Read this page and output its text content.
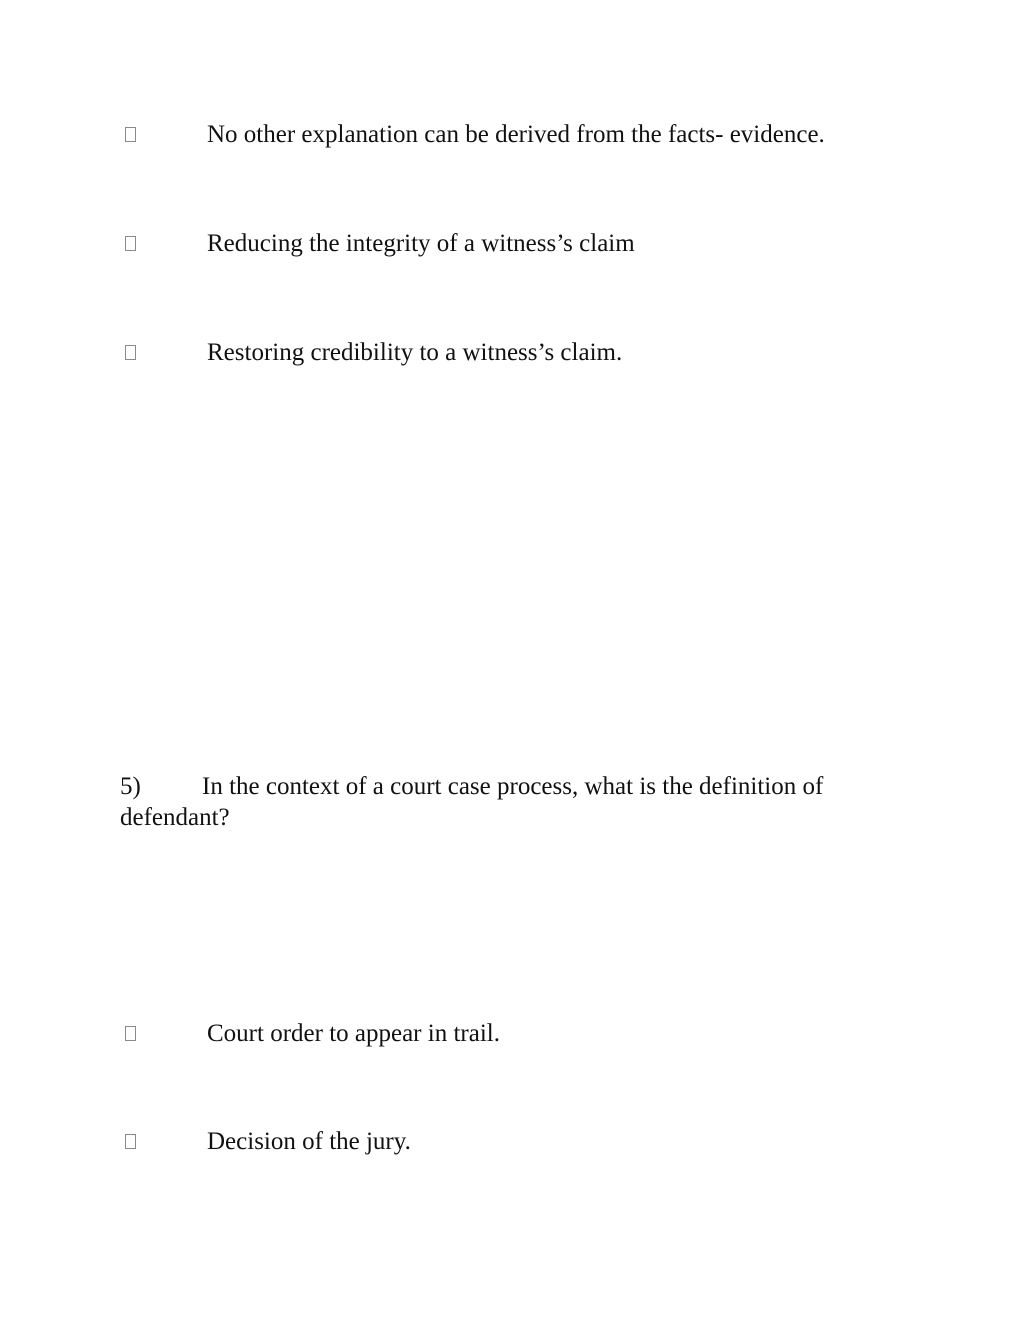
No other explanation can be derived from the facts- evidence.
Reducing the integrity of a witness’s claim
Restoring credibility to a witness’s claim.
5) In the context of a court case process, what is the definition of defendant?
Court order to appear in trail.
Decision of the jury.
